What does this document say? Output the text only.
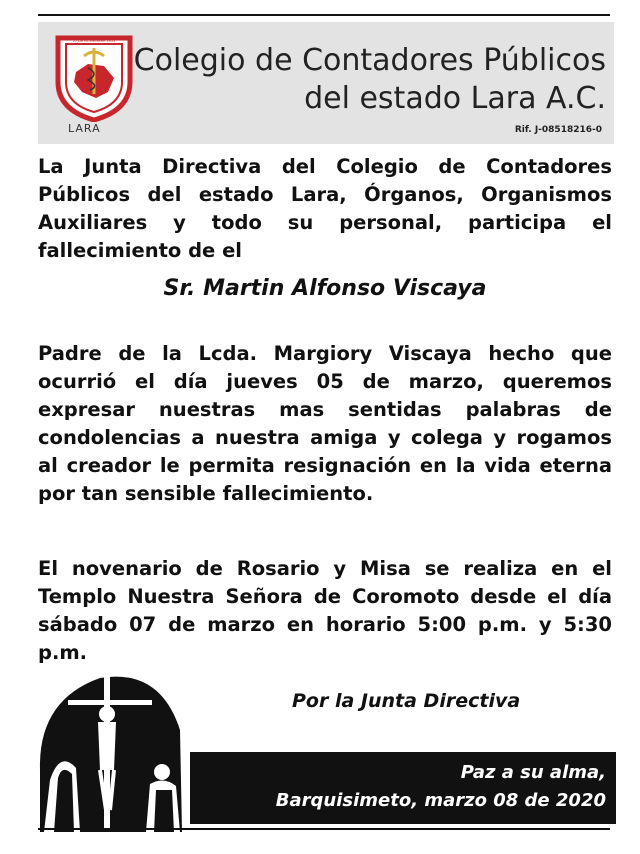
27 DE NOVIEMBRE 1955
LARA
Colegio de Contadores Públicos
del estado Lara A.C.
Rif. J-08518216-0
La Junta Directiva del Colegio de Contadores Públicos del estado Lara, Órganos, Organismos Auxiliares y todo su personal, participa el fallecimiento de el
Sr. Martin Alfonso Viscaya
Padre de la Lcda. Margiory Viscaya hecho que ocurrió el día jueves 05 de marzo, queremos expresar nuestras mas sentidas palabras de condolencias a nuestra amiga y colega y rogamos al creador le permita resignación en la vida eterna por tan sensible fallecimiento.
El novenario de Rosario y Misa se realiza en el Templo Nuestra Señora de Coromoto desde el día sábado 07 de marzo en horario 5:00 p.m. y 5:30 p.m.
Por la Junta Directiva
Paz a su alma,
Barquisimeto, marzo 08 de 2020
